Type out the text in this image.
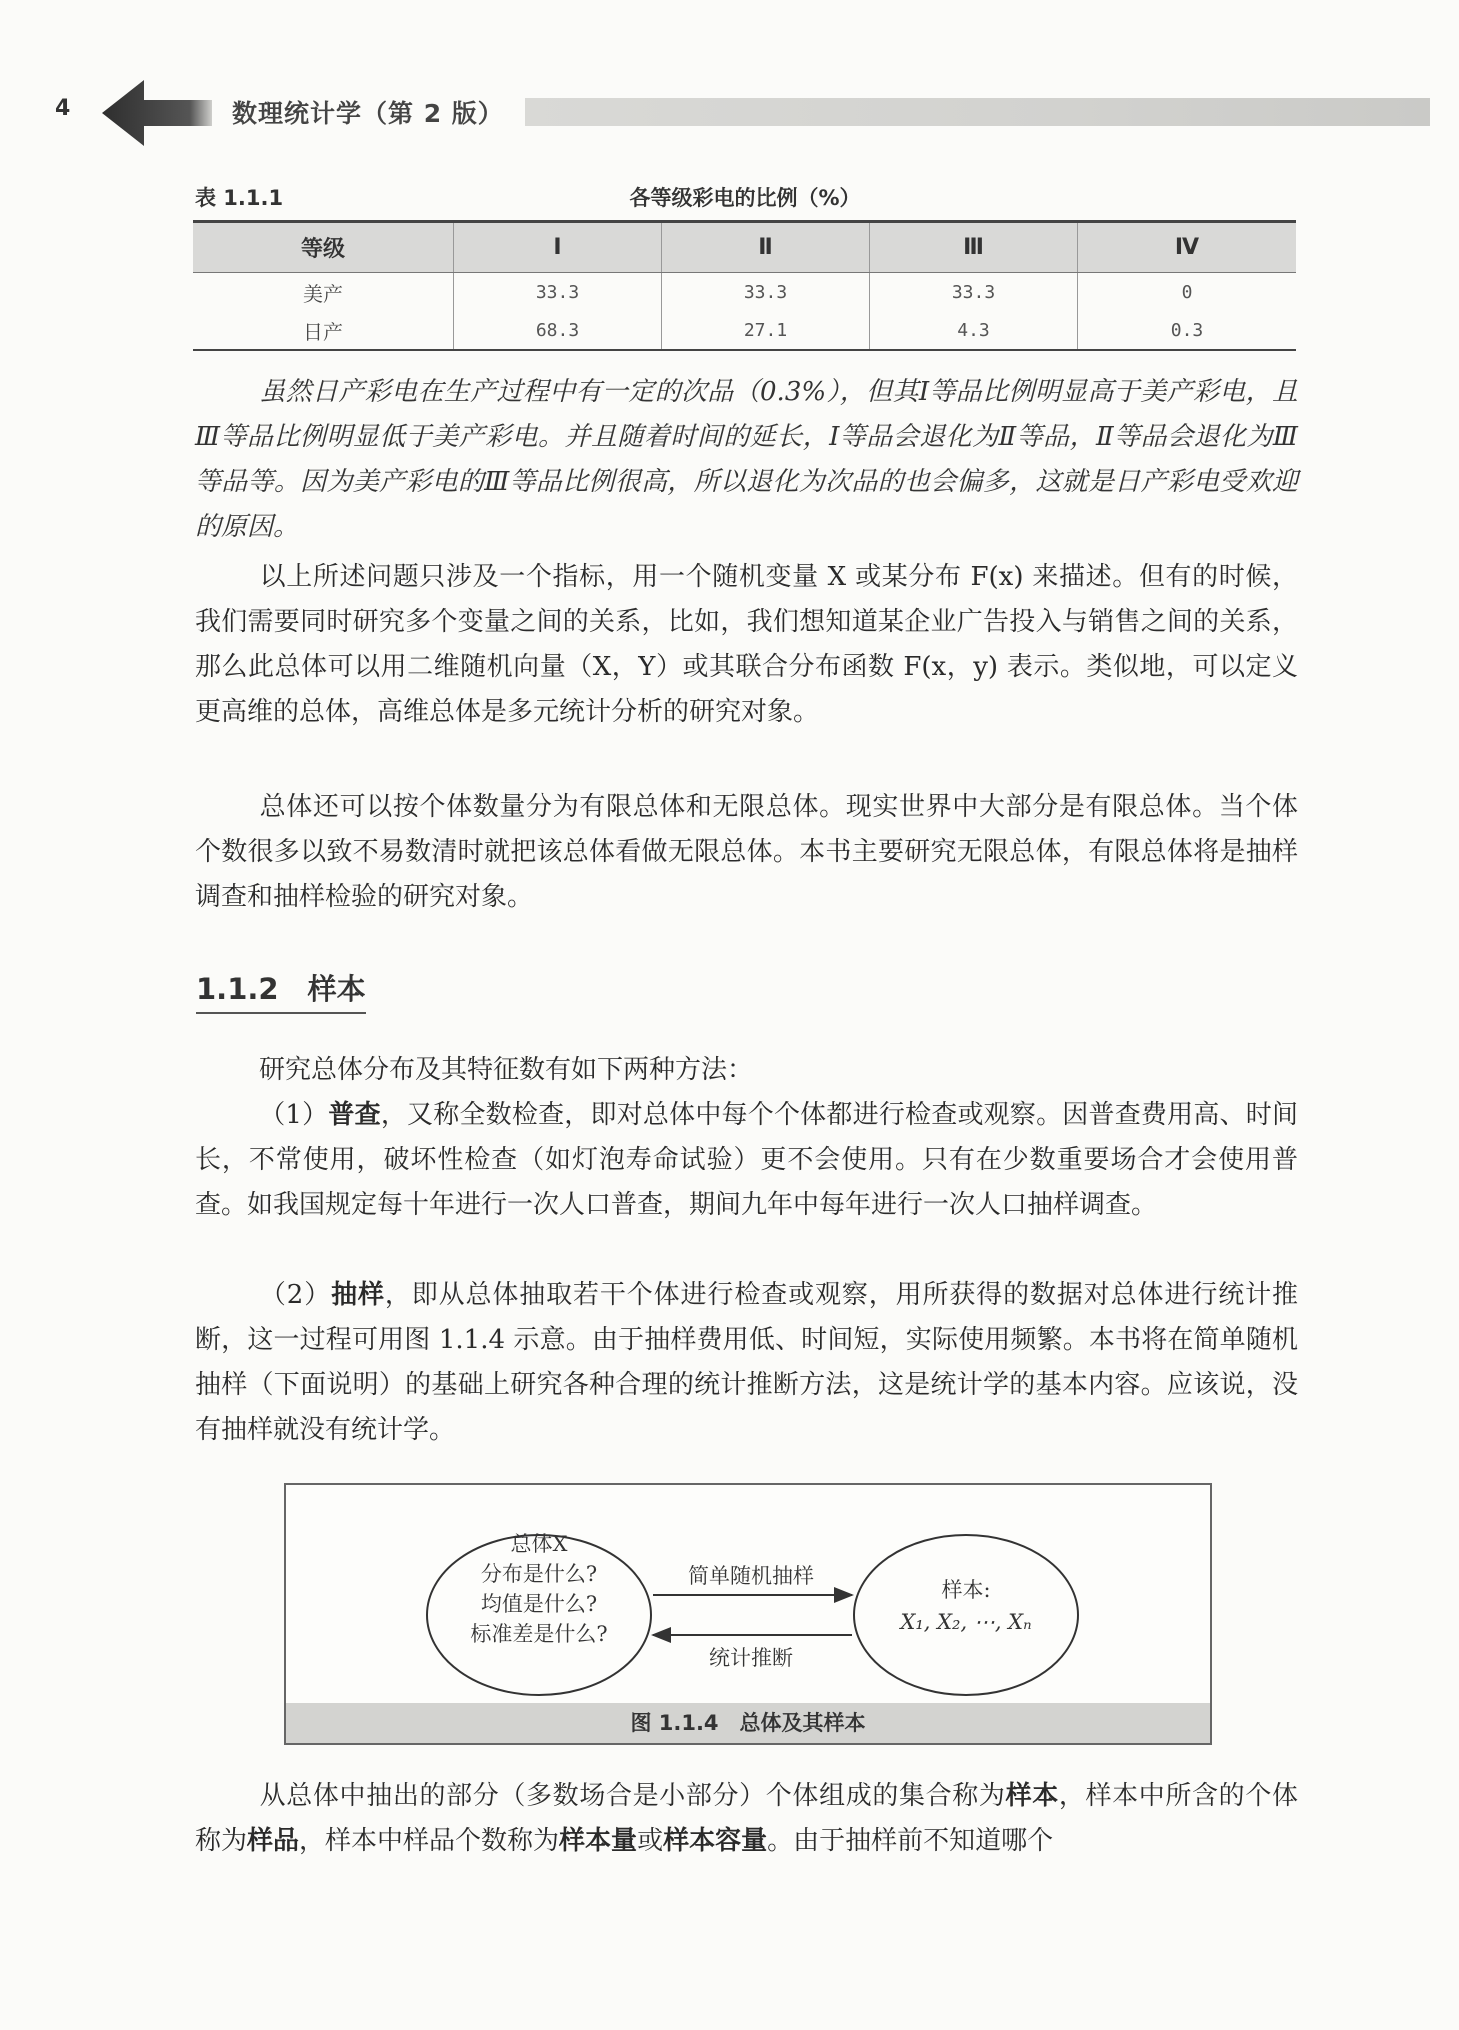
4	数理统计学（第 2 版）
表 1.1.1	各等级彩电的比例（%）
等级	Ⅰ	Ⅱ	Ⅲ	Ⅳ
美产	33.3	33.3	33.3	0
日产	68.3	27.1	4.3	0.3
虽然日产彩电在生产过程中有一定的次品（0.3%），但其Ⅰ等品比例明显高于美产彩电，且Ⅲ等品比例明显低于美产彩电。并且随着时间的延长，Ⅰ等品会退化为Ⅱ等品，Ⅱ等品会退化为Ⅲ等品等。因为美产彩电的Ⅲ等品比例很高，所以退化为次品的也会偏多，这就是日产彩电受欢迎的原因。
以上所述问题只涉及一个指标，用一个随机变量 X 或某分布 F(x) 来描述。但有的时候，我们需要同时研究多个变量之间的关系，比如，我们想知道某企业广告投入与销售之间的关系，那么此总体可以用二维随机向量（X，Y）或其联合分布函数 F(x，y) 表示。类似地，可以定义更高维的总体，高维总体是多元统计分析的研究对象。
总体还可以按个体数量分为有限总体和无限总体。现实世界中大部分是有限总体。当个体个数很多以致不易数清时就把该总体看做无限总体。本书主要研究无限总体，有限总体将是抽样调查和抽样检验的研究对象。
1.1.2　样本
研究总体分布及其特征数有如下两种方法：
（1）普查，又称全数检查，即对总体中每个个体都进行检查或观察。因普查费用高、时间长，不常使用，破坏性检查（如灯泡寿命试验）更不会使用。只有在少数重要场合才会使用普查。如我国规定每十年进行一次人口普查，期间九年中每年进行一次人口抽样调查。
（2）抽样，即从总体抽取若干个体进行检查或观察，用所获得的数据对总体进行统计推断，这一过程可用图 1.1.4 示意。由于抽样费用低、时间短，实际使用频繁。本书将在简单随机抽样（下面说明）的基础上研究各种合理的统计推断方法，这是统计学的基本内容。应该说，没有抽样就没有统计学。
总体X
分布是什么?
均值是什么?
标准差是什么?
简单随机抽样
统计推断
样本:
X₁, X₂, ⋯, Xₙ
图 1.1.4　总体及其样本
从总体中抽出的部分（多数场合是小部分）个体组成的集合称为样本，样本中所含的个体称为样品，样本中样品个数称为样本量或样本容量。由于抽样前不知道哪个
